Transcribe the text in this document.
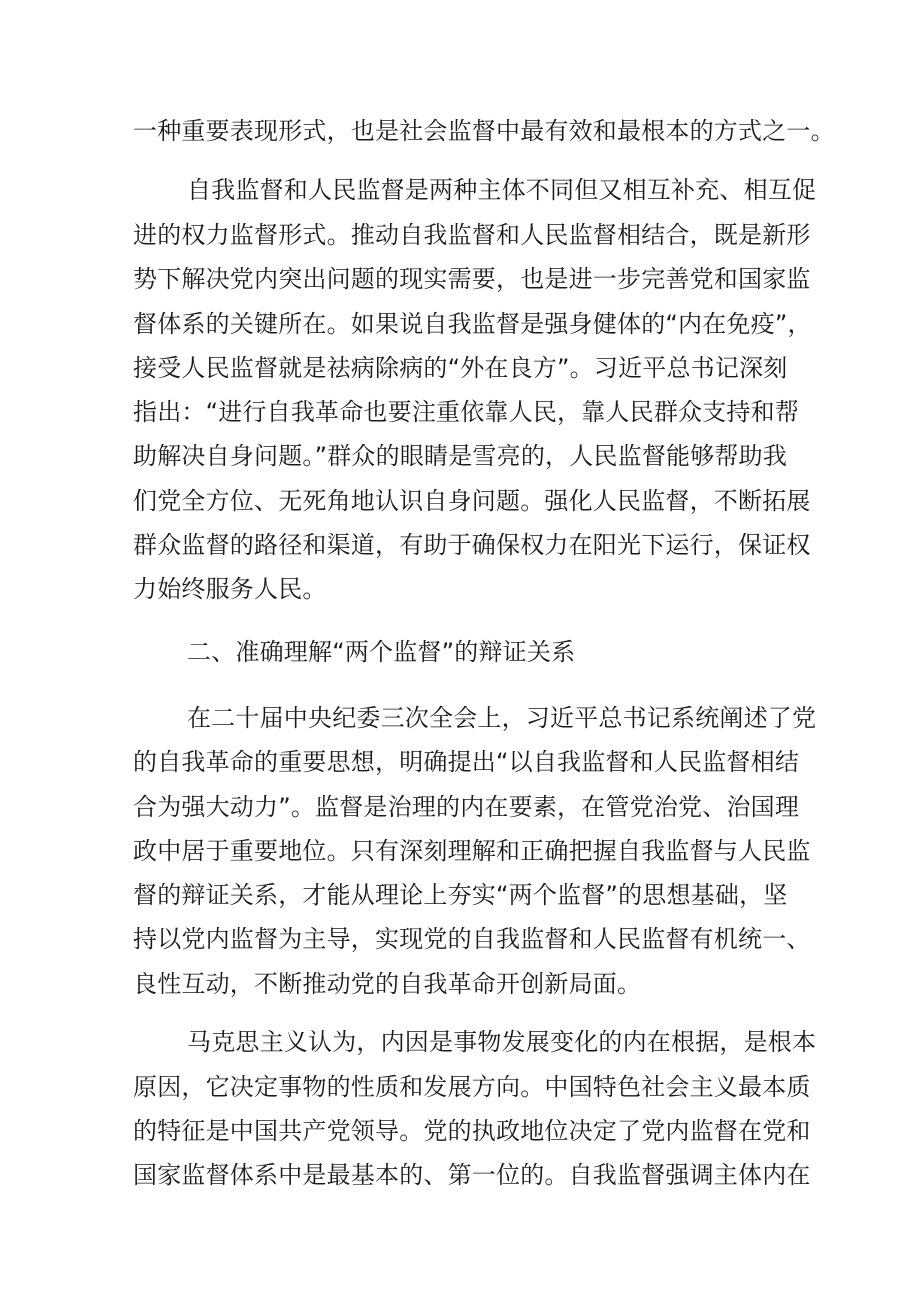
一种重要表现形式，也是社会监督中最有效和最根本的方式之一。
自我监督和人民监督是两种主体不同但又相互补充、相互促
进的权力监督形式。推动自我监督和人民监督相结合，既是新形
势下解决党内突出问题的现实需要，也是进一步完善党和国家监
督体系的关键所在。如果说自我监督是强身健体的“内在免疫”，
接受人民监督就是祛病除病的“外在良方”。习近平总书记深刻
指出：“进行自我革命也要注重依靠人民，靠人民群众支持和帮
助解决自身问题。”群众的眼睛是雪亮的，人民监督能够帮助我
们党全方位、无死角地认识自身问题。强化人民监督，不断拓展
群众监督的路径和渠道，有助于确保权力在阳光下运行，保证权
力始终服务人民。
二、准确理解“两个监督”的辩证关系
在二十届中央纪委三次全会上，习近平总书记系统阐述了党
的自我革命的重要思想，明确提出“以自我监督和人民监督相结
合为强大动力”。监督是治理的内在要素，在管党治党、治国理
政中居于重要地位。只有深刻理解和正确把握自我监督与人民监
督的辩证关系，才能从理论上夯实“两个监督”的思想基础，坚
持以党内监督为主导，实现党的自我监督和人民监督有机统一、
良性互动，不断推动党的自我革命开创新局面。
马克思主义认为，内因是事物发展变化的内在根据，是根本
原因，它决定事物的性质和发展方向。中国特色社会主义最本质
的特征是中国共产党领导。党的执政地位决定了党内监督在党和
国家监督体系中是最基本的、第一位的。自我监督强调主体内在
